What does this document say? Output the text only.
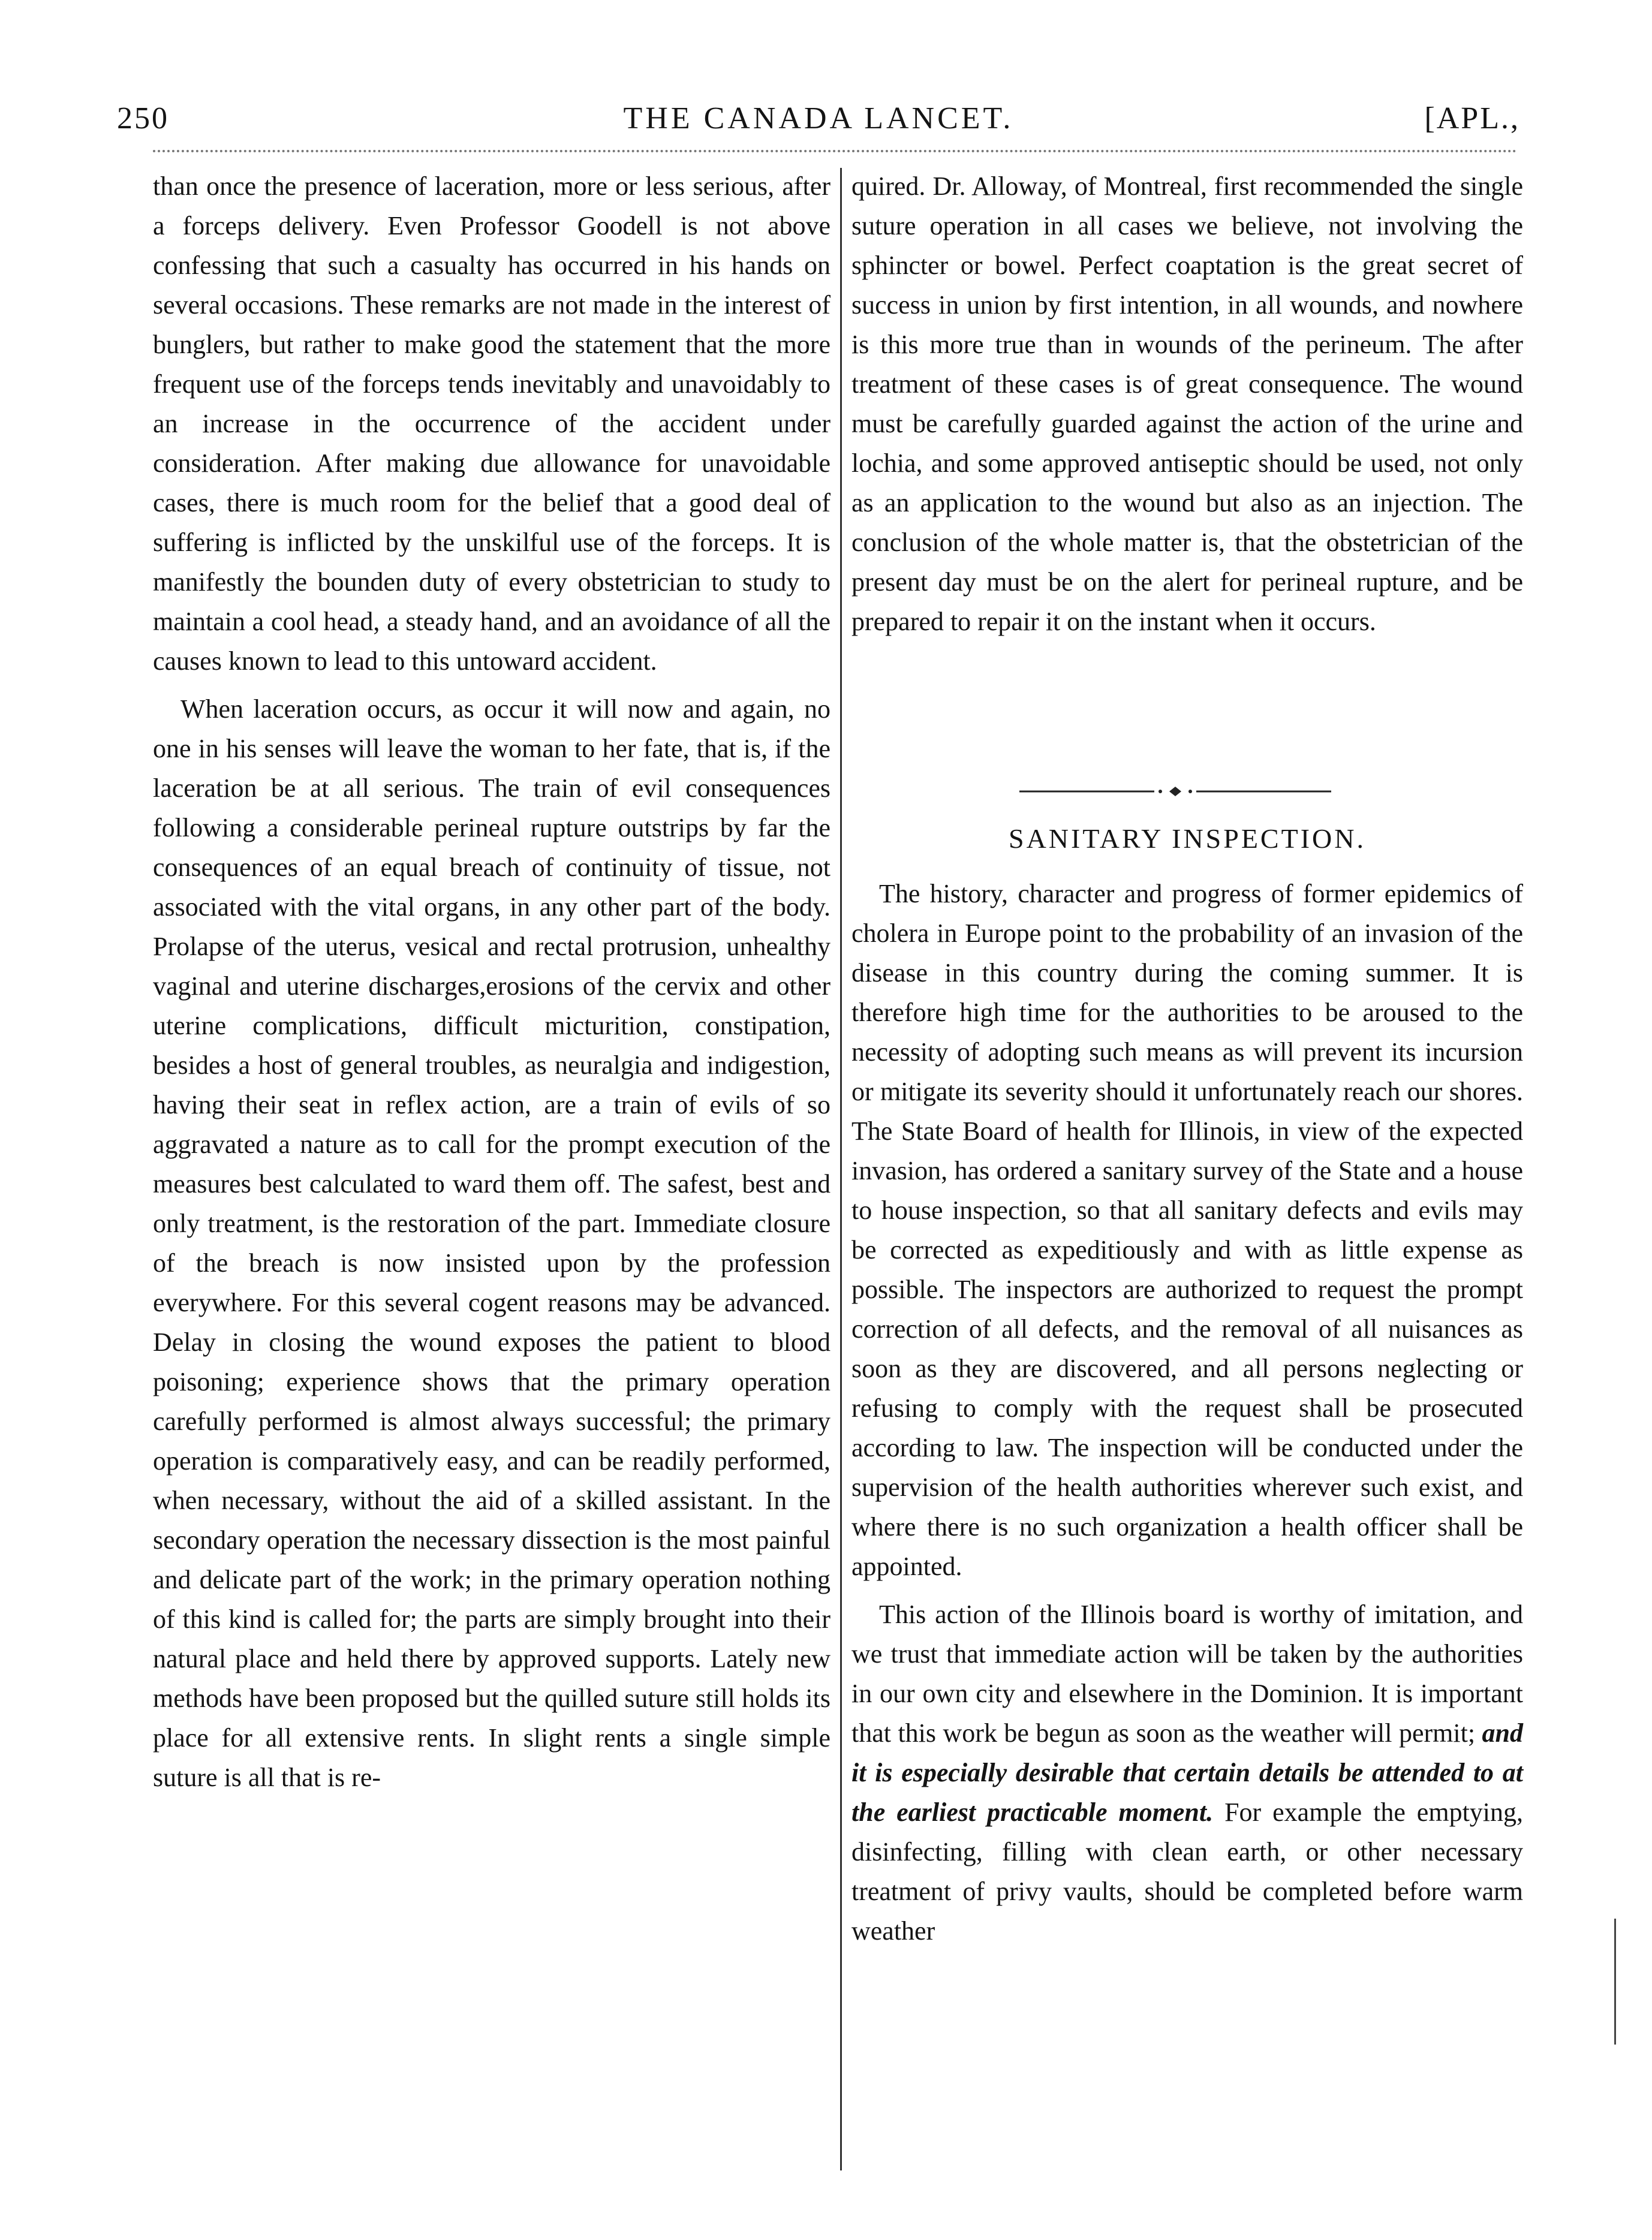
250	THE CANADA LANCET.	[APL.,

than once the presence of laceration, more or less serious, after a forceps delivery. Even Professor Goodell is not above confessing that such a casualty has occurred in his hands on several occasions. These remarks are not made in the interest of bunglers, but rather to make good the statement that the more frequent use of the forceps tends inevitably and unavoidably to an increase in the occurrence of the accident under consideration. After making due allowance for unavoidable cases, there is much room for the belief that a good deal of suffering is inflicted by the unskilful use of the forceps. It is manifestly the bounden duty of every obstetrician to study to maintain a cool head, a steady hand, and an avoidance of all the causes known to lead to this untoward accident.

When laceration occurs, as occur it will now and again, no one in his senses will leave the woman to her fate, that is, if the laceration be at all serious. The train of evil consequences following a considerable perineal rupture outstrips by far the consequences of an equal breach of continuity of tissue, not associated with the vital organs, in any other part of the body. Prolapse of the uterus, vesical and rectal protrusion, unhealthy vaginal and uterine discharges,erosions of the cervix and other uterine complications, difficult micturition, constipation, besides a host of general troubles, as neuralgia and indigestion, having their seat in reflex action, are a train of evils of so aggravated a nature as to call for the prompt execution of the measures best calculated to ward them off. The safest, best and only treatment, is the restoration of the part. Immediate closure of the breach is now insisted upon by the profession everywhere. For this several cogent reasons may be advanced. Delay in closing the wound exposes the patient to blood poisoning; experience shows that the primary operation carefully performed is almost always successful; the primary operation is comparatively easy, and can be readily performed, when necessary, without the aid of a skilled assistant. In the secondary operation the necessary dissection is the most painful and delicate part of the work; in the primary operation nothing of this kind is called for; the parts are simply brought into their natural place and held there by approved supports. Lately new methods have been proposed but the quilled suture still holds its place for all extensive rents. In slight rents a single simple suture is all that is re-

quired. Dr. Alloway, of Montreal, first recommended the single suture operation in all cases we believe, not involving the sphincter or bowel. Perfect coaptation is the great secret of success in union by first intention, in all wounds, and nowhere is this more true than in wounds of the perineum. The after treatment of these cases is of great consequence. The wound must be carefully guarded against the action of the urine and lochia, and some approved antiseptic should be used, not only as an application to the wound but also as an injection. The conclusion of the whole matter is, that the obstetrician of the present day must be on the alert for perineal rupture, and be prepared to repair it on the instant when it occurs.

SANITARY INSPECTION.

The history, character and progress of former epidemics of cholera in Europe point to the probability of an invasion of the disease in this country during the coming summer. It is therefore high time for the authorities to be aroused to the necessity of adopting such means as will prevent its incursion or mitigate its severity should it unfortunately reach our shores. The State Board of health for Illinois, in view of the expected invasion, has ordered a sanitary survey of the State and a house to house inspection, so that all sanitary defects and evils may be corrected as expeditiously and with as little expense as possible. The inspectors are authorized to request the prompt correction of all defects, and the removal of all nuisances as soon as they are discovered, and all persons neglecting or refusing to comply with the request shall be prosecuted according to law. The inspection will be conducted under the supervision of the health authorities wherever such exist, and where there is no such organization a health officer shall be appointed.

This action of the Illinois board is worthy of imitation, and we trust that immediate action will be taken by the authorities in our own city and elsewhere in the Dominion. It is important that this work be begun as soon as the weather will permit; and it is especially desirable that certain details be attended to at the earliest practicable moment. For example the emptying, disinfecting, filling with clean earth, or other necessary treatment of privy vaults, should be completed before warm weather
